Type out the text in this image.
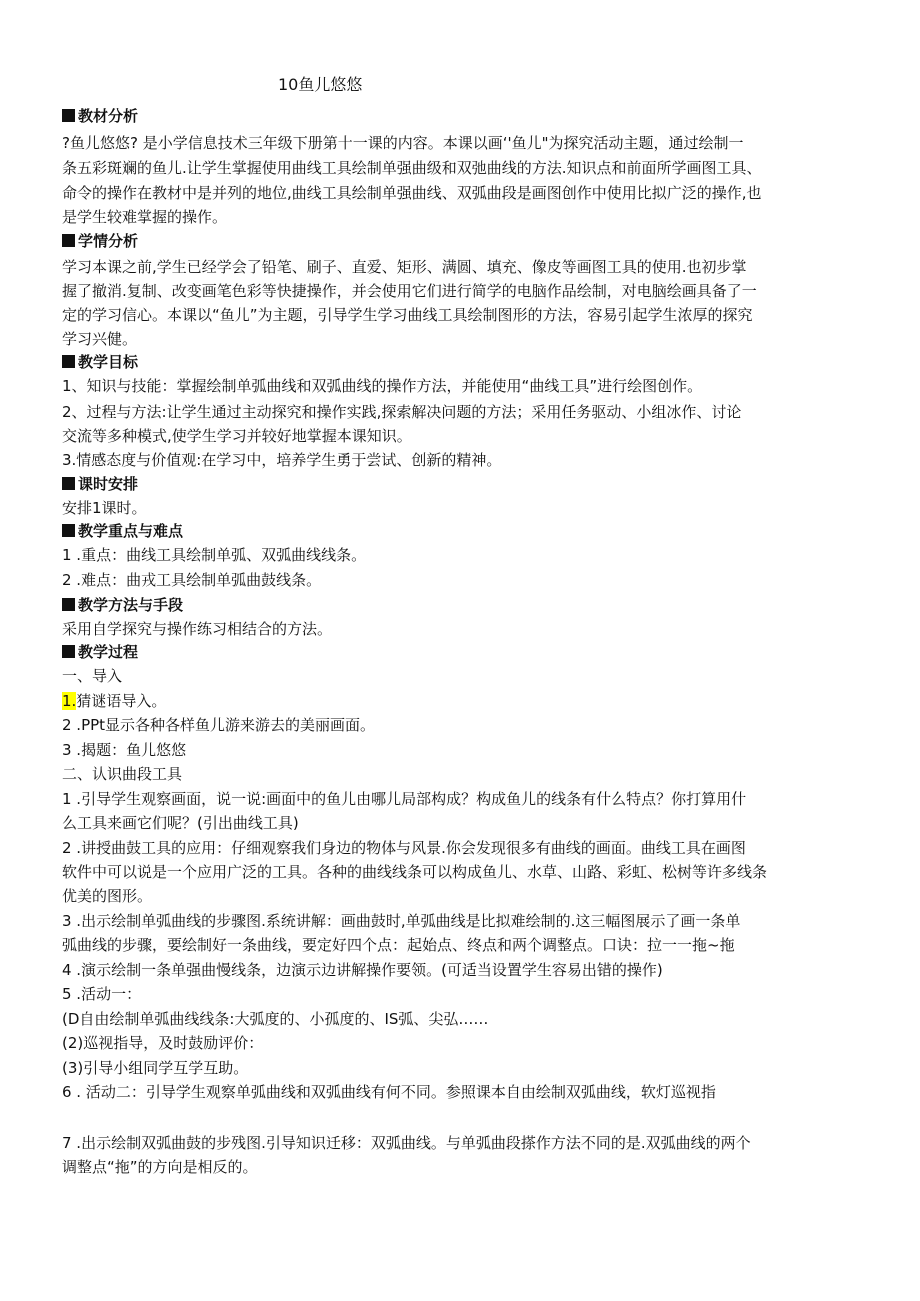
10鱼儿悠悠
教材分析
?鱼儿悠悠? 是小学信息技术三年级下册第十一课的内容。本课以画‘'鱼儿"为探究活动主题，通过绘制一
条五彩斑斓的鱼儿.让学生掌握使用曲线工具绘制单强曲级和双弛曲线的方法.知识点和前面所学画图工具、
命令的操作在教材中是并列的地位,曲线工具绘制单强曲线、双弧曲段是画图创作中使用比拟广泛的操作,也
是学生较难掌握的操作。
学情分析
学习本课之前,学生已经学会了铅笔、刷子、直爱、矩形、满圆、填充、像皮等画图工具的使用.也初步掌
握了撤消.复制、改变画笔色彩等快捷操作，并会使用它们进行简学的电脑作品绘制，对电脑绘画具备了一
定的学习信心。本课以“鱼儿”为主题，引导学生学习曲线工具绘制图形的方法，容易引起学生浓厚的探究
学习兴健。
教学目标
1、知识与技能：掌握绘制单弧曲线和双弧曲线的操作方法，并能使用“曲线工具”进行绘图创作。
2、过程与方法:让学生通过主动探究和操作实践,探索解决问题的方法；采用任务驱动、小组冰作、讨论
交流等多种模式,使学生学习并较好地掌握本课知识。
3.情感态度与价值观:在学习中，培养学生勇于尝试、创新的精神。
课时安排
安排1课时。
教学重点与难点
1 .重点：曲线工具绘制单弧、双弧曲线线条。
2 .难点：曲戎工具绘制单弧曲鼓线条。
教学方法与手段
采用自学探究与操作练习相结合的方法。
教学过程
一、导入
1.猜谜语导入。
2 .PPt显示各种各样鱼儿游来游去的美丽画面。
3 .揭题：鱼儿悠悠
二、认识曲段工具
1 .引导学生观察画面，说一说:画面中的鱼儿由哪儿局部构成？构成鱼儿的线条有什么特点？你打算用什
么工具来画它们呢？(引出曲线工具)
2 .讲授曲鼓工具的应用：仔细观察我们身边的物体与风景.你会发现很多有曲线的画面。曲线工具在画图
软件中可以说是一个应用广泛的工具。各种的曲线线条可以构成鱼儿、水草、山路、彩虹、松树等许多线条
优美的图形。
3 .出示绘制单弧曲线的步骤图.系统讲解：画曲鼓时,单弧曲线是比拟难绘制的.这三幅图展示了画一条单
弧曲线的步骤，要绘制好一条曲线，要定好四个点：起始点、终点和两个调整点。口诀：拉一一拖~拖
4 .演示绘制一条单强曲慢线条，边演示边讲解操作要领。(可适当设置学生容易出错的操作)
5 .活动一：
(D自由绘制单弧曲线线条:大弧度的、小孤度的、IS弧、尖弘……
(2)巡视指导，及时鼓励评价：
(3)引导小组同学互学互助。
6 . 活动二：引导学生观察单弧曲线和双弧曲线有何不同。参照课本自由绘制双弧曲线，软灯巡视指
7 .出示绘制双弧曲鼓的步残图.引导知识迁移：双弧曲线。与单弧曲段搽作方法不同的是.双弧曲线的两个
调整点“拖”的方向是相反的。
